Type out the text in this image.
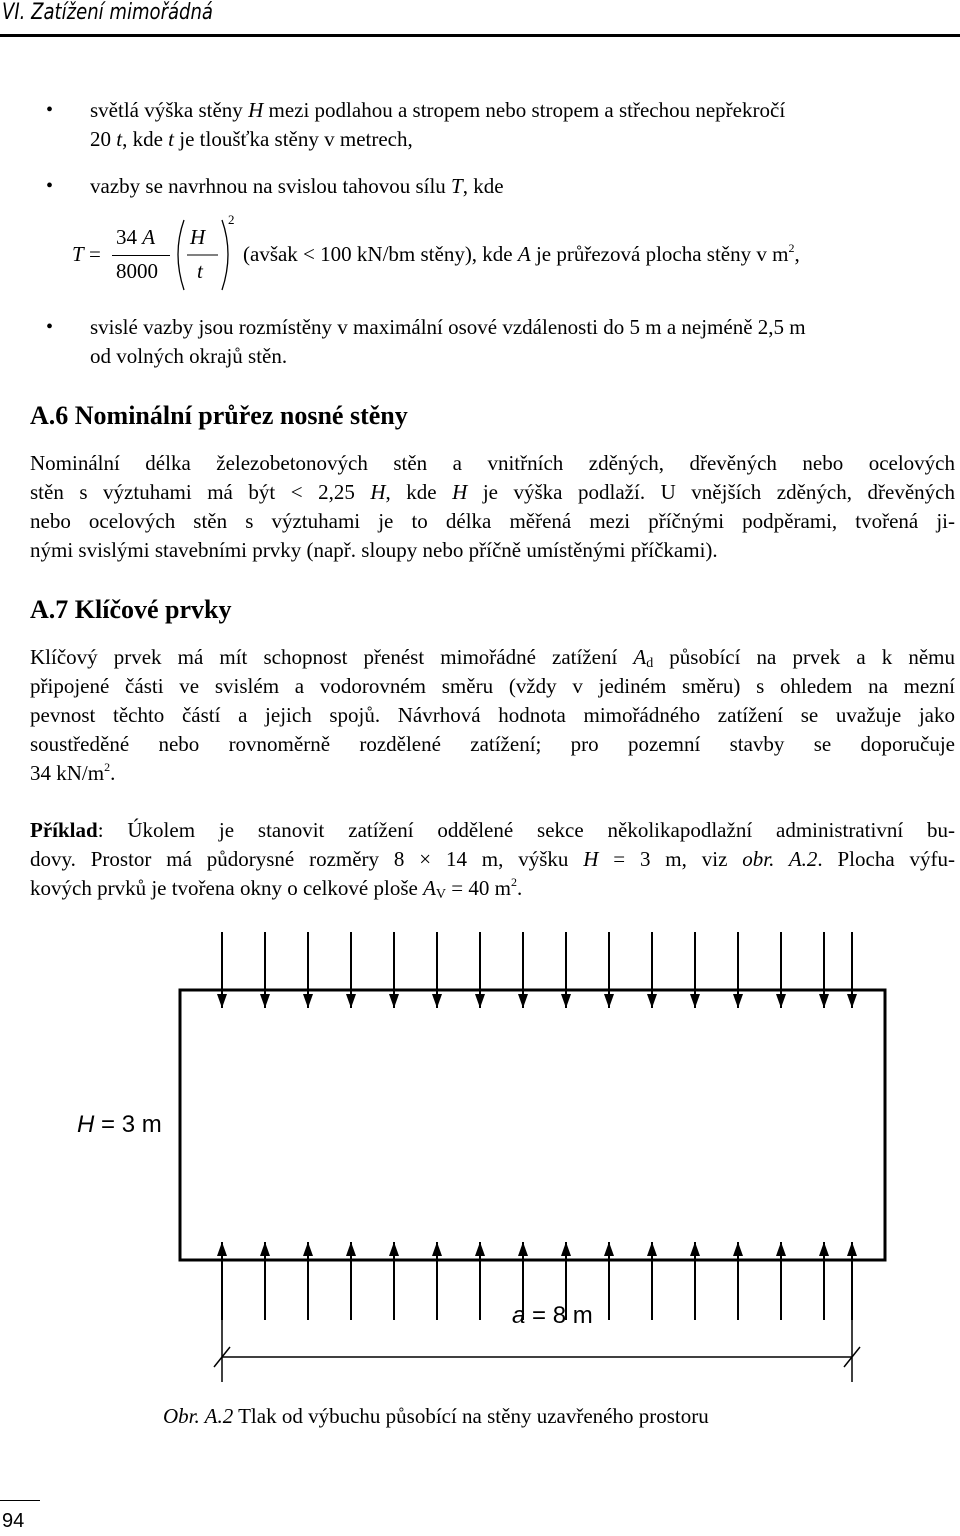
VI. Zatížení mimořádná
• světlá výška stěny H mezi podlahou a stropem nebo stropem a střechou nepřekročí
20 t, kde t je tloušťka stěny v metrech,
• vazby se navrhnou na svislou tahovou sílu T, kde
T =
34 A
8000
H
t
2
(avšak < 100 kN/bm stěny), kde A je průřezová plocha stěny v $m^2$,
• svislé vazby jsou rozmístěny v maximální osové vzdálenosti do 5 m a nejméně 2,5 m
od volných okrajů stěn.
A.6 Nominální průřez nosné stěny
Nominální délka železobetonových stěn a vnitřních zděných, dřevěných nebo ocelových
stěn s výztuhami má být < 2,25 H, kde H je výška podlaží. U vnějších zděných, dřevěných
nebo ocelových stěn s výztuhami je to délka měřená mezi příčnými podpěrami, tvořená ji-
nými svislými stavebními prvky (např. sloupy nebo příčně umístěnými příčkami).
A.7 Klíčové prvky
Klíčový prvek má mít schopnost přenést mimořádné zatížení $A_d$ působící na prvek a k němu
připojené části ve svislém a vodorovném směru (vždy v jediném směru) s ohledem na mezní
pevnost těchto částí a jejich spojů. Návrhová hodnota mimořádného zatížení se uvažuje jako
soustředěné nebo rovnoměrně rozdělené zatížení; pro pozemní stavby se doporučuje
34 $kN/m^2$.
Příklad: Úkolem je stanovit zatížení oddělené sekce několikapodlažní administrativní bu-
dovy. Prostor má půdorysné rozměry 8 × 14 m, výšku H = 3 m, viz obr. A.2. Plocha výfu-
kových prvků je tvořena okny o celkové ploše $A_V = 40$ $m^2$.
H = 3 m
a = 8 m
Obr. A.2 Tlak od výbuchu působící na stěny uzavřeného prostoru
94
